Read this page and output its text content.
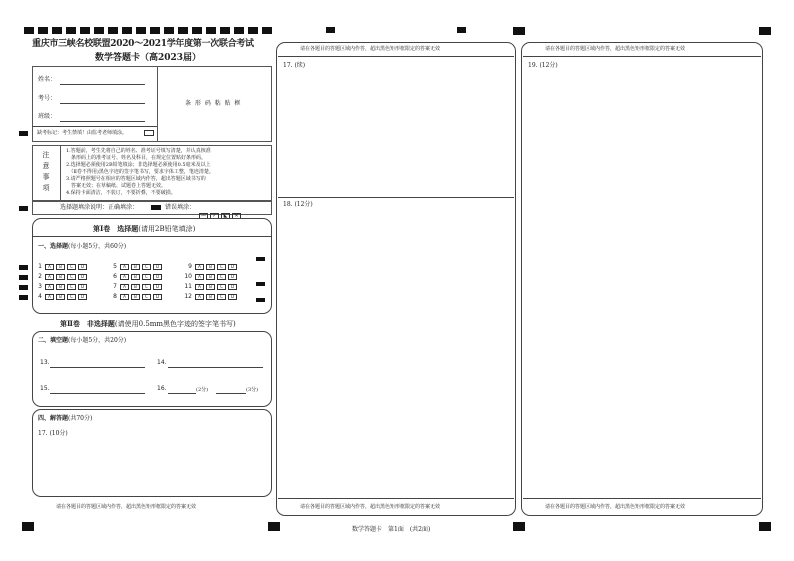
重庆市三峡名校联盟2020～2021学年度第一次联合考试
数学答题卡（高2023届）
姓名：
考号：
班级：
缺考标记：考生禁填！由监考老师填涂。
条 形 码 粘 贴 框
注
意
事
项
1.答题前，考生先将自己的姓名、准考证号填写清楚，并认真核准
　条形码上的准考证号、姓名及科目，在规定位置贴好条形码。
2.选择题必须使用2B铅笔填涂；非选择题必须使用0.5毫米及以上
　（Ⅱ卷不得用)黑色字迹的签字笔书写，要求字体工整，笔迹清楚。
3.请严格照题号在相应的答题区域内作答，超出答题区域书写的
　答案无效；在草稿纸、试题卷上答题无效。
4.保持卡面清洁，不装订，不要折叠，不要破损。
选择题填涂说明：正确填涂：	错误填涂：
— ✓ ◣ ✕
第Ⅰ卷　选择题(请用2B铅笔填涂)
一、选择题(每小题5分，共60分)
1 A B C D
2 A B C D
3 A B C D
4 A B C D
5 A B C D
6 A B C D
7 A B C D
8 A B C D
9 A B C D
10 A B C D
11 A B C D
12 A B C D
第Ⅱ卷　非选择题(请使用0.5mm黑色字迹的签字笔书写)
二、填空题(每小题5分，共20分)
13.	14.
15.	16.	(2分)	(3分)
四、解答题(共70分)
17. (10分)
请在各题目的答题区域内作答，超出黑色矩形框限定的答案无效
请在各题目的答题区域内作答，超出黑色矩形框限定的答案无效
17. (续)
18. (12分)
请在各题目的答题区域内作答，超出黑色矩形框限定的答案无效
请在各题目的答题区域内作答，超出黑色矩形框限定的答案无效
19. (12分)
请在各题目的答题区域内作答，超出黑色矩形框限定的答案无效
数学答题卡　第1面　(共2面)
